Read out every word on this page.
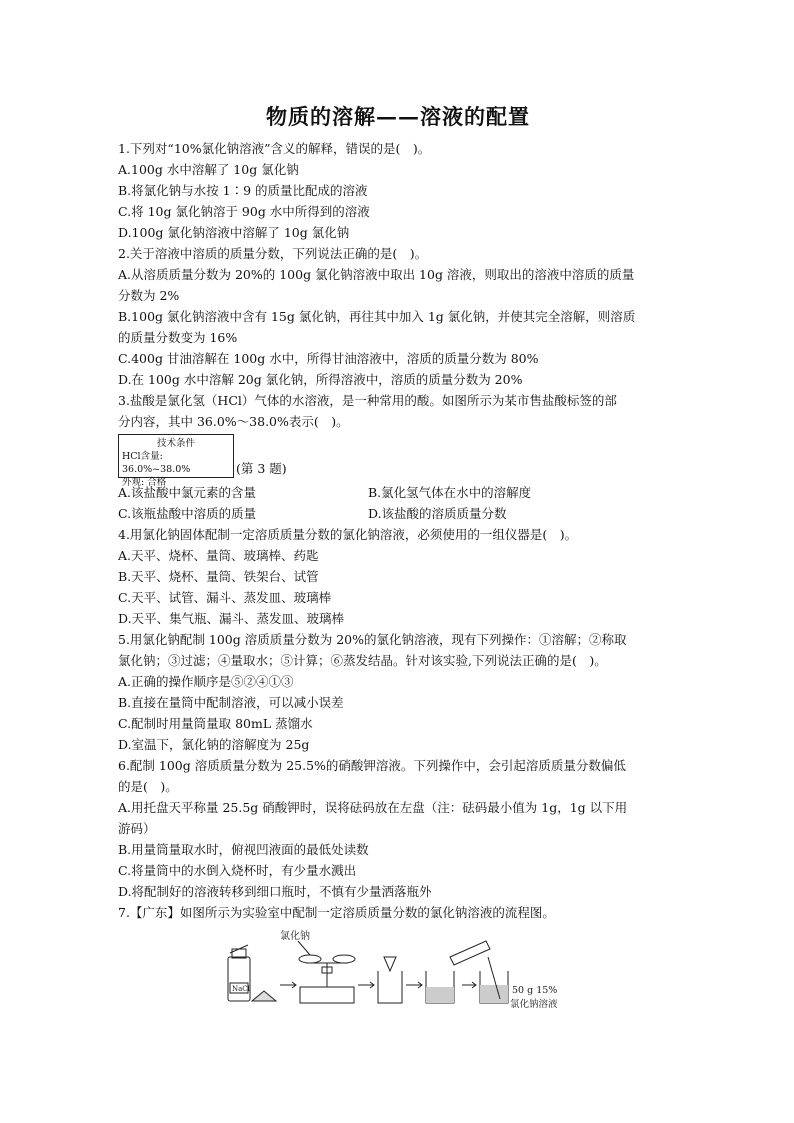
物质的溶解——溶液的配置

1.下列对“10%氯化钠溶液”含义的解释，错误的是(　)。

A.100g 水中溶解了 10g 氯化钠

B.将氯化钠与水按 1∶9 的质量比配成的溶液

C.将 10g 氯化钠溶于 90g 水中所得到的溶液

D.100g 氯化钠溶液中溶解了 10g 氯化钠

2.关于溶液中溶质的质量分数，下列说法正确的是(　)。

A.从溶质质量分数为 20%的 100g 氯化钠溶液中取出 10g 溶液，则取出的溶液中溶质的质量

分数为 2%

B.100g 氯化钠溶液中含有 15g 氯化钠，再往其中加入 1g 氯化钠，并使其完全溶解，则溶质

的质量分数变为 16%

C.400g 甘油溶解在 100g 水中，所得甘油溶液中，溶质的质量分数为 80%

D.在 100g 水中溶解 20g 氯化钠，所得溶液中，溶质的质量分数为 20%

3.盐酸是氯化氢（HCl）气体的水溶液，是一种常用的酸。如图所示为某市售盐酸标签的部

分内容，其中 36.0%～38.0%表示(　)。

技术条件
HCl含量: 36.0%~38.0%
外观: 合格
(第 3 题)
A.该盐酸中氯元素的含量	B.氯化氢气体在水中的溶解度
C.该瓶盐酸中溶质的质量	D.该盐酸的溶质质量分数

4.用氯化钠固体配制一定溶质质量分数的氯化钠溶液，必须使用的一组仪器是(　)。

A.天平、烧杯、量筒、玻璃棒、药匙

B.天平、烧杯、量筒、铁架台、试管

C.天平、试管、漏斗、蒸发皿、玻璃棒

D.天平、集气瓶、漏斗、蒸发皿、玻璃棒

5.用氯化钠配制 100g 溶质质量分数为 20%的氯化钠溶液，现有下列操作：①溶解；②称取

氯化钠；③过滤；④量取水；⑤计算；⑥蒸发结晶。针对该实验,下列说法正确的是(　)。

A.正确的操作顺序是⑤②④①③

B.直接在量筒中配制溶液，可以减小误差

C.配制时用量筒量取 80mL 蒸馏水

D.室温下，氯化钠的溶解度为 25g

6.配制 100g 溶质质量分数为 25.5%的硝酸钾溶液。下列操作中，会引起溶质质量分数偏低

的是(　)。

A.用托盘天平称量 25.5g 硝酸钾时，误将砝码放在左盘（注：砝码最小值为 1g，1g 以下用

游码）

B.用量筒量取水时，俯视凹液面的最低处读数

C.将量筒中的水倒入烧杯时，有少量水溅出

D.将配制好的溶液转移到细口瓶时，不慎有少量洒落瓶外

7.【广东】如图所示为实验室中配制一定溶质质量分数的氯化钠溶液的流程图。

NaCl
氯化钠
50 g 15%
氯化钠溶液
